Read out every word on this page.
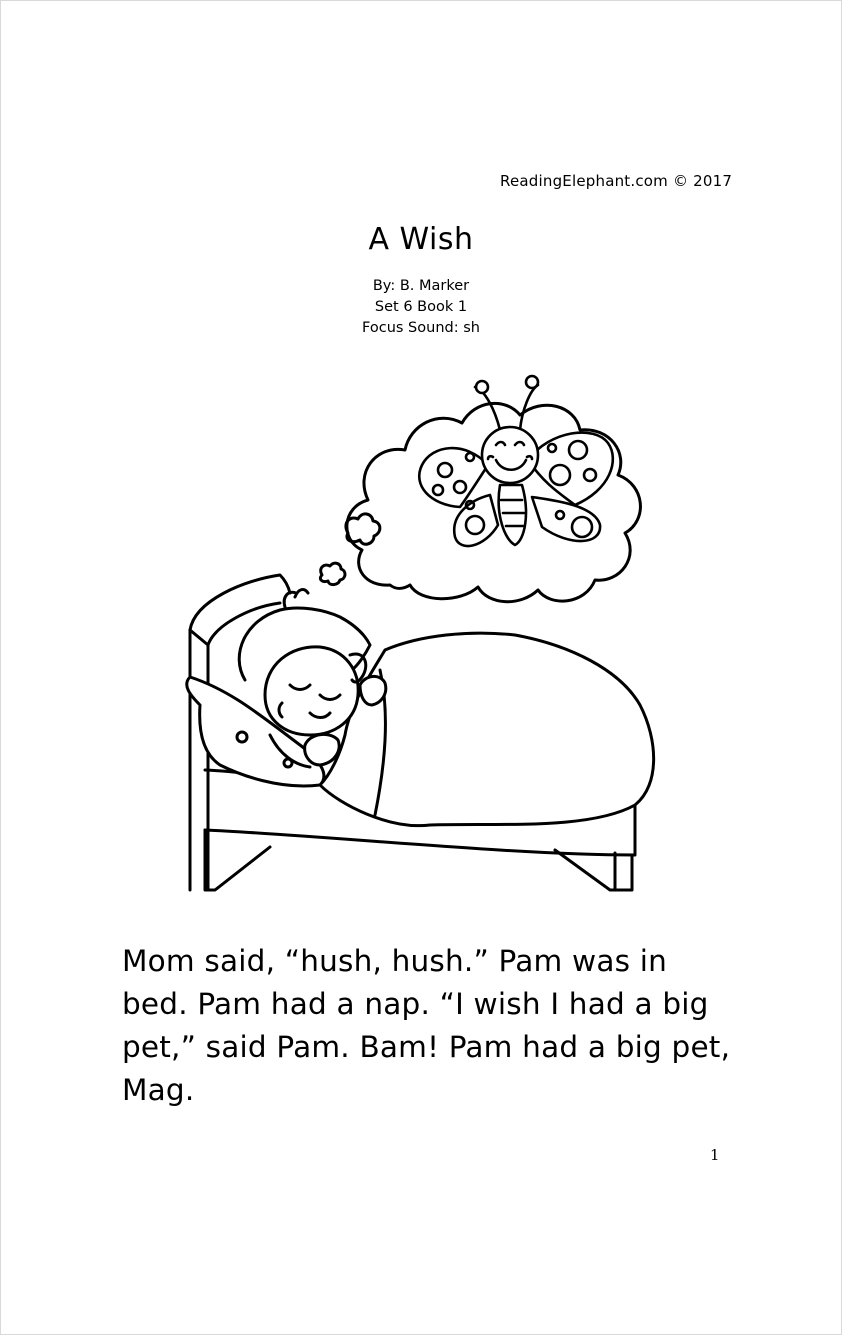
ReadingElephant.com © 2017
A Wish
By: B. Marker
Set 6 Book 1
Focus Sound: sh
Mom said, “hush, hush.” Pam was in bed. Pam had a nap. “I wish I had a big pet,” said Pam. Bam! Pam had a big pet, Mag.
1
